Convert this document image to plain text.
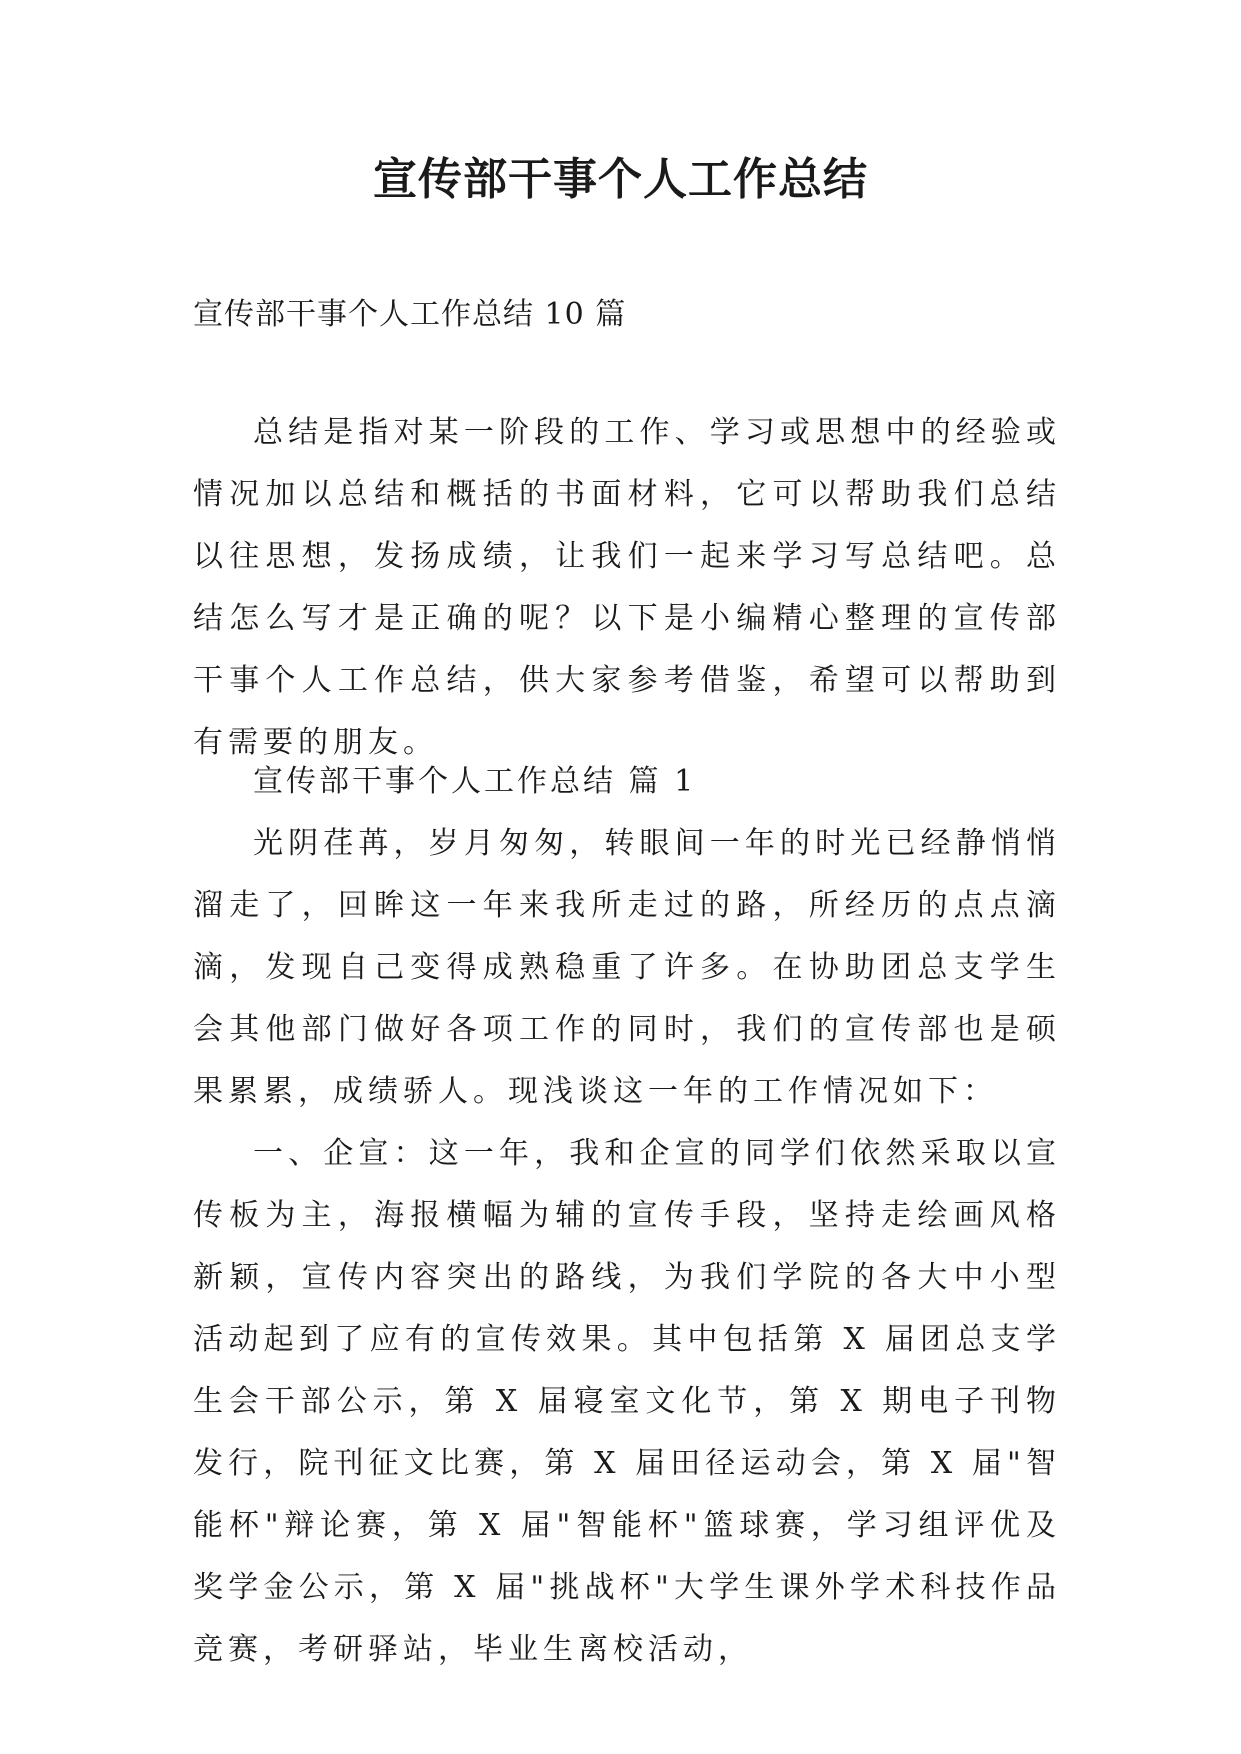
宣传部干事个人工作总结

宣传部干事个人工作总结 10 篇

总结是指对某一阶段的工作、学习或思想中的经验或情况加以总结和概括的书面材料，它可以帮助我们总结以往思想，发扬成绩，让我们一起来学习写总结吧。总结怎么写才是正确的呢？以下是小编精心整理的宣传部干事个人工作总结，供大家参考借鉴，希望可以帮助到有需要的朋友。

宣传部干事个人工作总结 篇 1

光阴荏苒，岁月匆匆，转眼间一年的时光已经静悄悄溜走了，回眸这一年来我所走过的路，所经历的点点滴滴，发现自己变得成熟稳重了许多。在协助团总支学生会其他部门做好各项工作的同时，我们的宣传部也是硕果累累，成绩骄人。现浅谈这一年的工作情况如下：

一、企宣：这一年，我和企宣的同学们依然采取以宣传板为主，海报横幅为辅的宣传手段，坚持走绘画风格新颖，宣传内容突出的路线，为我们学院的各大中小型活动起到了应有的宣传效果。其中包括第 X 届团总支学生会干部公示，第 X 届寝室文化节，第 X 期电子刊物发行，院刊征文比赛，第 X 届田径运动会，第 X 届"智能杯"辩论赛，第 X 届"智能杯"篮球赛，学习组评优及奖学金公示，第 X 届"挑战杯"大学生课外学术科技作品竞赛，考研驿站，毕业生离校活动，
